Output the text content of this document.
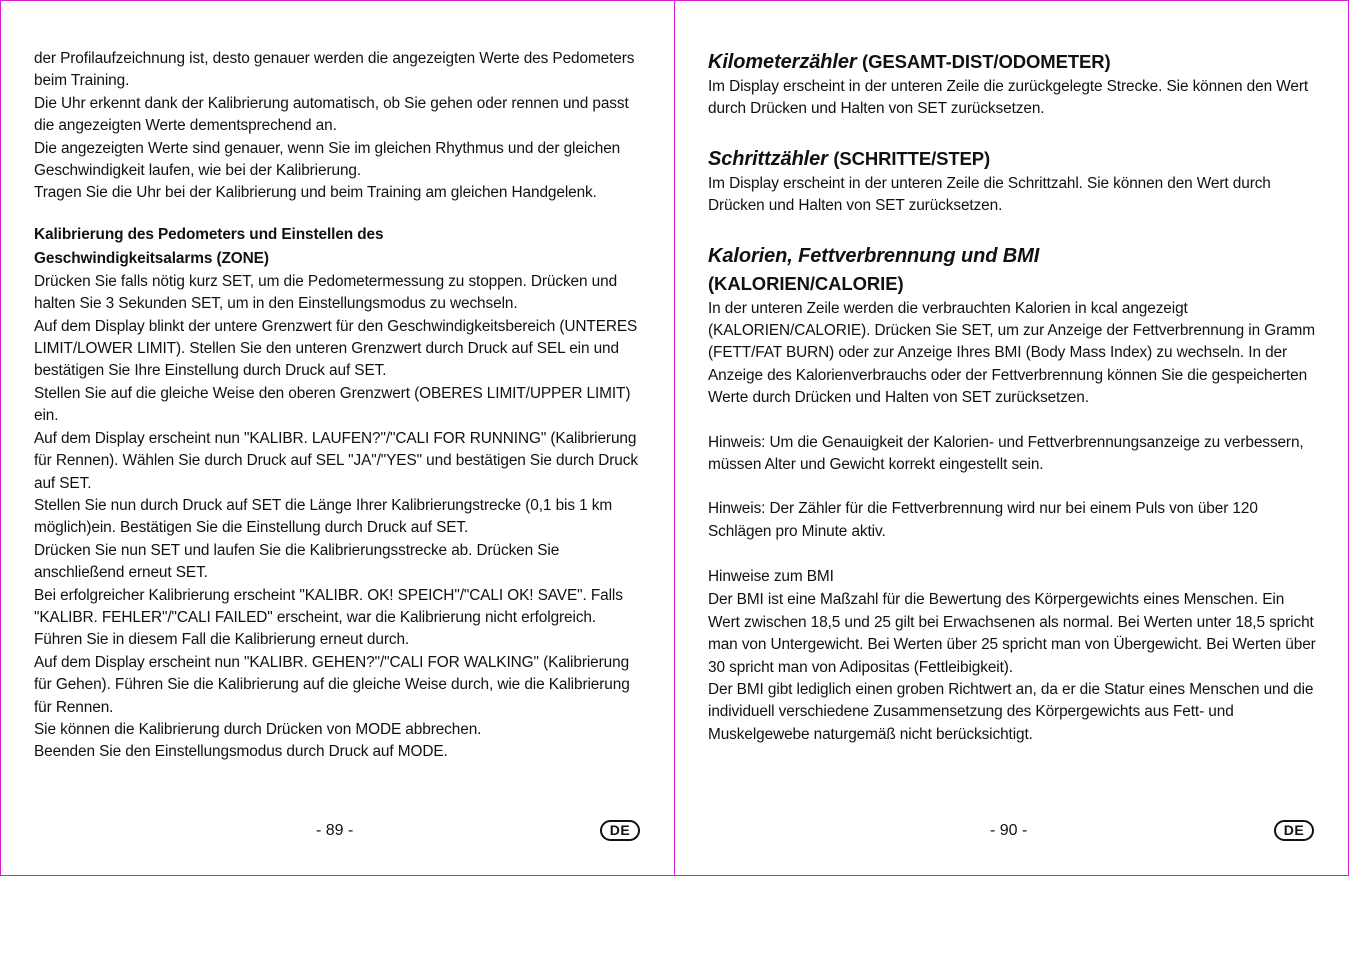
der Profilaufzeichnung ist, desto genauer werden die angezeigten Werte des Pedometers beim Training.

Die Uhr erkennt dank der Kalibrierung automatisch, ob Sie gehen oder rennen und passt die angezeigten Werte dementsprechend an.

Die angezeigten Werte sind genauer, wenn Sie im gleichen Rhythmus und der gleichen Geschwindigkeit laufen, wie bei der Kalibrierung.

Tragen Sie die Uhr bei der Kalibrierung und beim Training am gleichen Handgelenk.

Kalibrierung des Pedometers und Einstellen des

Geschwindigkeitsalarms (ZONE)

Drücken Sie falls nötig kurz SET, um die Pedometermessung zu stoppen. Drücken und halten Sie 3 Sekunden SET, um in den Einstellungsmodus zu wechseln.

Auf dem Display blinkt der untere Grenzwert für den Geschwindigkeitsbereich (UNTERES LIMIT/LOWER LIMIT). Stellen Sie den unteren Grenzwert durch Druck auf SEL ein und bestätigen Sie Ihre Einstellung durch Druck auf SET.

Stellen Sie auf die gleiche Weise den oberen Grenzwert (OBERES LIMIT/UPPER LIMIT) ein.

Auf dem Display erscheint nun "KALIBR. LAUFEN?"/"CALI FOR RUNNING" (Kalibrierung für Rennen). Wählen Sie durch Druck auf SEL "JA"/"YES" und bestätigen Sie durch Druck auf SET.

Stellen Sie nun durch Druck auf SET die Länge Ihrer Kalibrierungstrecke (0,1 bis 1 km möglich)ein. Bestätigen Sie die Einstellung durch Druck auf SET.

Drücken Sie nun SET und laufen Sie die Kalibrierungsstrecke ab. Drücken Sie anschließend erneut SET.

Bei erfolgreicher Kalibrierung erscheint "KALIBR. OK! SPEICH"/"CALI OK! SAVE". Falls "KALIBR. FEHLER"/"CALI FAILED" erscheint, war die Kalibrierung nicht erfolgreich. Führen Sie in diesem Fall die Kalibrierung erneut durch.

Auf dem Display erscheint nun "KALIBR. GEHEN?"/"CALI FOR WALKING" (Kalibrierung für Gehen). Führen Sie die Kalibrierung auf die gleiche Weise durch, wie die Kalibrierung für Rennen.

Sie können die Kalibrierung durch Drücken von MODE abbrechen.

Beenden Sie den Einstellungsmodus durch Druck auf MODE.

- 89 -	DE

Kilometerzähler (GESAMT-DIST/ODOMETER)

Im Display erscheint in der unteren Zeile die zurückgelegte Strecke. Sie können den Wert durch Drücken und Halten von SET zurücksetzen.

Schrittzähler (SCHRITTE/STEP)

Im Display erscheint in der unteren Zeile die Schrittzahl. Sie können den Wert durch Drücken und Halten von SET zurücksetzen.

Kalorien, Fettverbrennung und BMI

(KALORIEN/CALORIE)

In der unteren Zeile werden die verbrauchten Kalorien in kcal angezeigt (KALORIEN/CALORIE). Drücken Sie SET, um zur Anzeige der Fettverbrennung in Gramm (FETT/FAT BURN) oder zur Anzeige Ihres BMI (Body Mass Index) zu wechseln. In der Anzeige des Kalorienverbrauchs oder der Fettverbrennung können Sie die gespeicherten Werte durch Drücken und Halten von SET zurücksetzen.

Hinweis: Um die Genauigkeit der Kalorien- und Fettverbrennungsanzeige zu verbessern, müssen Alter und Gewicht korrekt eingestellt sein.

Hinweis: Der Zähler für die Fettverbrennung wird nur bei einem Puls von über 120 Schlägen pro Minute aktiv.

Hinweise zum BMI

Der BMI ist eine Maßzahl für die Bewertung des Körpergewichts eines Menschen. Ein Wert zwischen 18,5 und 25 gilt bei Erwachsenen als normal. Bei Werten unter 18,5 spricht man von Untergewicht. Bei Werten über 25 spricht man von Übergewicht. Bei Werten über 30 spricht man von Adipositas (Fettleibigkeit).

Der BMI gibt lediglich einen groben Richtwert an, da er die Statur eines Menschen und die individuell verschiedene Zusammensetzung des Körpergewichts aus Fett- und Muskelgewebe naturgemäß nicht berücksichtigt.

- 90 -	DE
